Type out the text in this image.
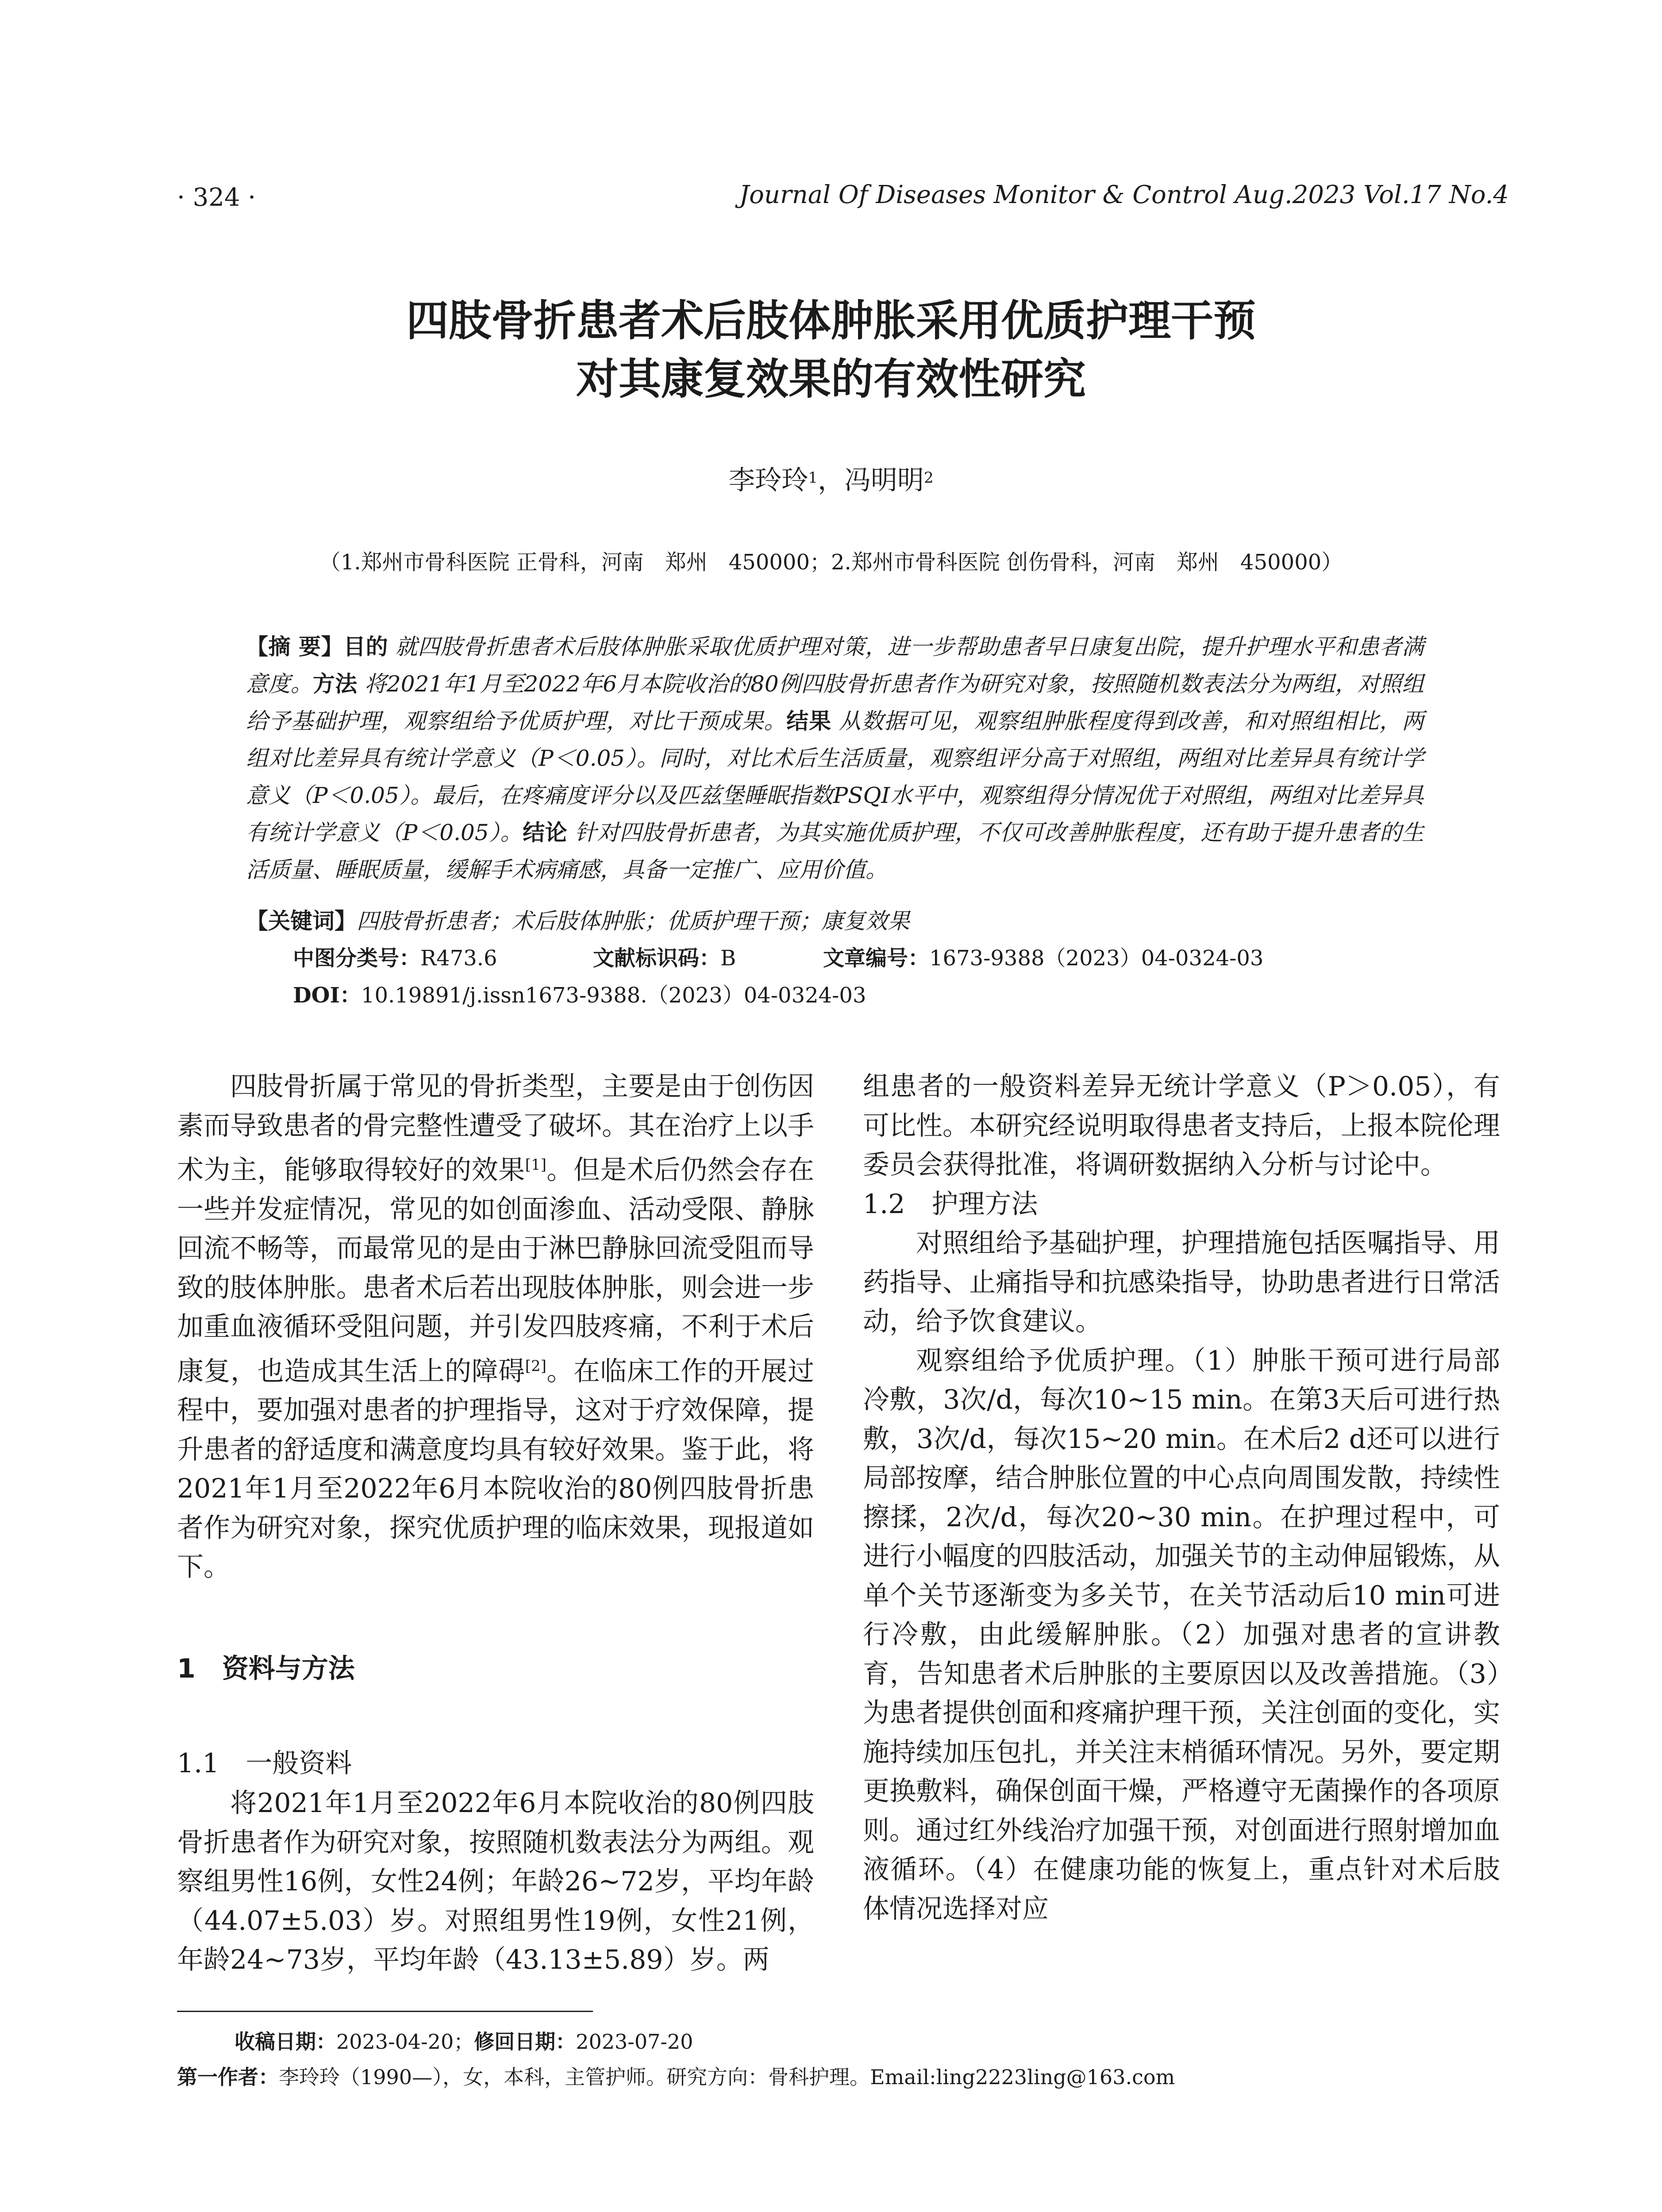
· 324 ·	Journal Of Diseases Monitor & Control Aug.2023 Vol.17 No.4
四肢骨折患者术后肢体肿胀采用优质护理干预
对其康复效果的有效性研究
李玲玲$^1$，冯明明$^2$
（1.郑州市骨科医院 正骨科，河南　郑州　450000；2.郑州市骨科医院 创伤骨科，河南　郑州　450000）
【摘 要】目的 就四肢骨折患者术后肢体肿胀采取优质护理对策，进一步帮助患者早日康复出院，提升护理水平和患者满意度。方法 将2021年1月至2022年6月本院收治的80例四肢骨折患者作为研究对象，按照随机数表法分为两组，对照组给予基础护理，观察组给予优质护理，对比干预成果。结果 从数据可见，观察组肿胀程度得到改善，和对照组相比，两组对比差异具有统计学意义（P＜0.05）。同时，对比术后生活质量，观察组评分高于对照组，两组对比差异具有统计学意义（P＜0.05）。最后，在疼痛度评分以及匹兹堡睡眠指数PSQI水平中，观察组得分情况优于对照组，两组对比差异具有统计学意义（P＜0.05）。结论 针对四肢骨折患者，为其实施优质护理，不仅可改善肿胀程度，还有助于提升患者的生活质量、睡眠质量，缓解手术病痛感，具备一定推广、应用价值。
【关键词】四肢骨折患者；术后肢体肿胀；优质护理干预；康复效果
中图分类号：R473.6	文献标识码：B	文章编号：1673-9388（2023）04-0324-03
DOI：10.19891/j.issn1673-9388.（2023）04-0324-03

四肢骨折属于常见的骨折类型，主要是由于创伤因素而导致患者的骨完整性遭受了破坏。其在治疗上以手术为主，能够取得较好的效果[1]。但是术后仍然会存在一些并发症情况，常见的如创面渗血、活动受限、静脉回流不畅等，而最常见的是由于淋巴静脉回流受阻而导致的肢体肿胀。患者术后若出现肢体肿胀，则会进一步加重血液循环受阻问题，并引发四肢疼痛，不利于术后康复，也造成其生活上的障碍[2]。在临床工作的开展过程中，要加强对患者的护理指导，这对于疗效保障，提升患者的舒适度和满意度均具有较好效果。鉴于此，将2021年1月至2022年6月本院收治的80例四肢骨折患者作为研究对象，探究优质护理的临床效果，现报道如下。

1　资料与方法
1.1　一般资料

将2021年1月至2022年6月本院收治的80例四肢骨折患者作为研究对象，按照随机数表法分为两组。观察组男性16例，女性24例；年龄26~72岁，平均年龄（44.07±5.03）岁。对照组男性19例，女性21例，年龄24~73岁，平均年龄（43.13±5.89）岁。两

组患者的一般资料差异无统计学意义（P＞0.05），有可比性。本研究经说明取得患者支持后，上报本院伦理委员会获得批准，将调研数据纳入分析与讨论中。

1.2　护理方法

对照组给予基础护理，护理措施包括医嘱指导、用药指导、止痛指导和抗感染指导，协助患者进行日常活动，给予饮食建议。

观察组给予优质护理。（1）肿胀干预可进行局部冷敷，3次/d，每次10~15 min。在第3天后可进行热敷，3次/d，每次15~20 min。在术后2 d还可以进行局部按摩，结合肿胀位置的中心点向周围发散，持续性擦揉，2次/d，每次20~30 min。在护理过程中，可进行小幅度的四肢活动，加强关节的主动伸屈锻炼，从单个关节逐渐变为多关节，在关节活动后10 min可进行冷敷，由此缓解肿胀。（2）加强对患者的宣讲教育，告知患者术后肿胀的主要原因以及改善措施。（3）为患者提供创面和疼痛护理干预，关注创面的变化，实施持续加压包扎，并关注末梢循环情况。另外，要定期更换敷料，确保创面干燥，严格遵守无菌操作的各项原则。通过红外线治疗加强干预，对创面进行照射增加血液循环。（4）在健康功能的恢复上，重点针对术后肢体情况选择对应

收稿日期：2023-04-20；修回日期：2023-07-20
第一作者：李玲玲（1990—），女，本科，主管护师。研究方向：骨科护理。Email:ling2223ling@163.com
